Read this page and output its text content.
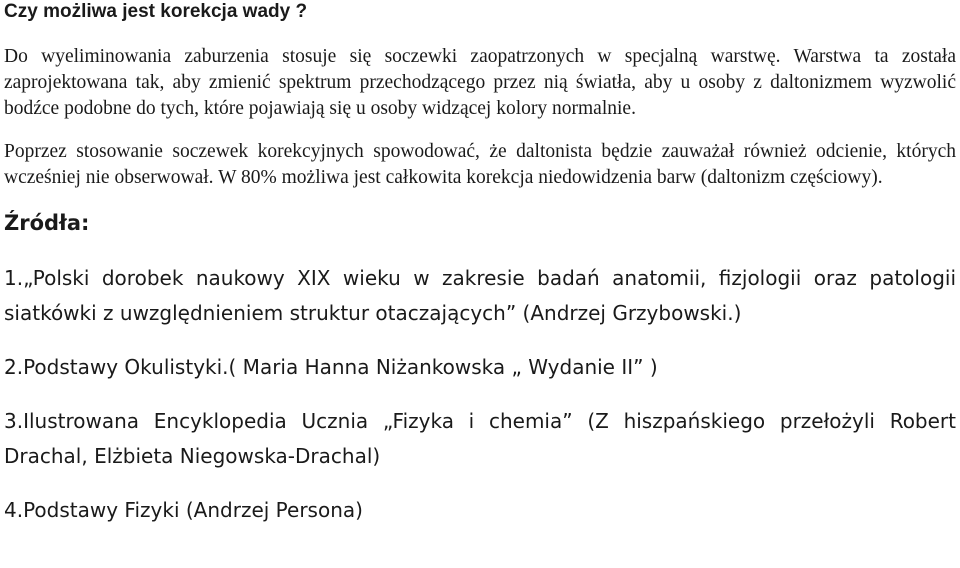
Czy możliwa jest korekcja wady ?

Do wyeliminowania zaburzenia stosuje się soczewki zaopatrzonych w specjalną warstwę. Warstwa ta została zaprojektowana tak, aby zmienić spektrum przechodzącego przez nią światła, aby u osoby z daltonizmem wyzwolić bodźce podobne do tych, które pojawiają się u osoby widzącej kolory normalnie.

Poprzez stosowanie soczewek korekcyjnych spowodować, że daltonista będzie zauważał również odcienie, których wcześniej nie obserwował. W 80% możliwa jest całkowita korekcja niedowidzenia barw (daltonizm częściowy).

Źródła:

1.„Polski dorobek naukowy XIX wieku w zakresie badań anatomii, fizjologii oraz patologii siatkówki z uwzględnieniem struktur otaczających” (Andrzej Grzybowski.)

2.Podstawy Okulistyki.( Maria Hanna Niżankowska „ Wydanie II” )

3.Ilustrowana Encyklopedia Ucznia „Fizyka i chemia” (Z hiszpańskiego przełożyli Robert Drachal, Elżbieta Niegowska-Drachal)

4.Podstawy Fizyki (Andrzej Persona)
